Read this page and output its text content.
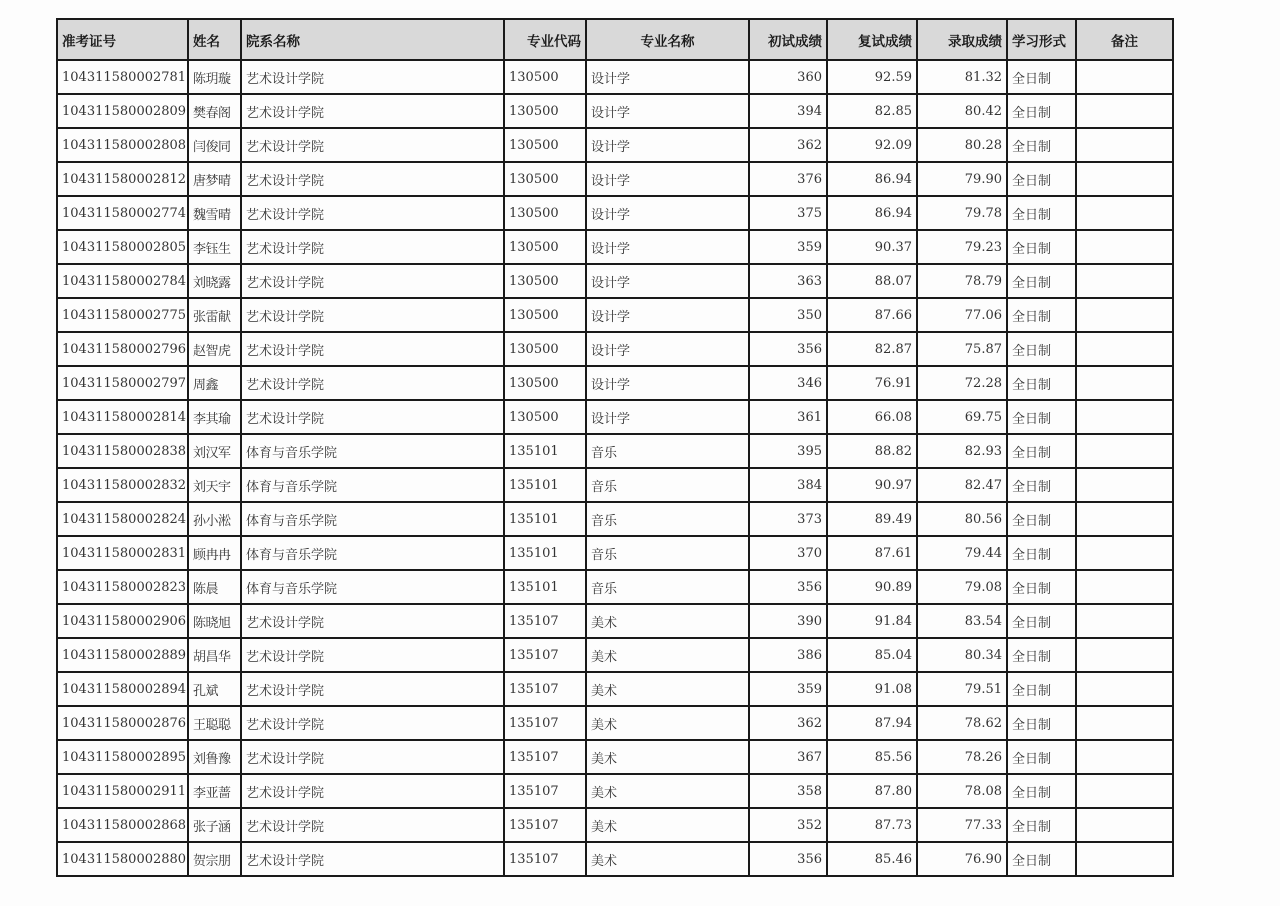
准考证号	姓名	院系名称	专业代码	专业名称	初试成绩	复试成绩	录取成绩	学习形式	备注
104311580002781	陈玥璇	艺术设计学院	130500	设计学	360	92.59	81.32	全日制	
104311580002809	樊春阁	艺术设计学院	130500	设计学	394	82.85	80.42	全日制	
104311580002808	闫俊同	艺术设计学院	130500	设计学	362	92.09	80.28	全日制	
104311580002812	唐梦晴	艺术设计学院	130500	设计学	376	86.94	79.90	全日制	
104311580002774	魏雪晴	艺术设计学院	130500	设计学	375	86.94	79.78	全日制	
104311580002805	李钰生	艺术设计学院	130500	设计学	359	90.37	79.23	全日制	
104311580002784	刘晓露	艺术设计学院	130500	设计学	363	88.07	78.79	全日制	
104311580002775	张雷献	艺术设计学院	130500	设计学	350	87.66	77.06	全日制	
104311580002796	赵智虎	艺术设计学院	130500	设计学	356	82.87	75.87	全日制	
104311580002797	周鑫	艺术设计学院	130500	设计学	346	76.91	72.28	全日制	
104311580002814	李其瑜	艺术设计学院	130500	设计学	361	66.08	69.75	全日制	
104311580002838	刘汉军	体育与音乐学院	135101	音乐	395	88.82	82.93	全日制	
104311580002832	刘天宇	体育与音乐学院	135101	音乐	384	90.97	82.47	全日制	
104311580002824	孙小淞	体育与音乐学院	135101	音乐	373	89.49	80.56	全日制	
104311580002831	顾冉冉	体育与音乐学院	135101	音乐	370	87.61	79.44	全日制	
104311580002823	陈晨	体育与音乐学院	135101	音乐	356	90.89	79.08	全日制	
104311580002906	陈晓旭	艺术设计学院	135107	美术	390	91.84	83.54	全日制	
104311580002889	胡昌华	艺术设计学院	135107	美术	386	85.04	80.34	全日制	
104311580002894	孔斌	艺术设计学院	135107	美术	359	91.08	79.51	全日制	
104311580002876	王聪聪	艺术设计学院	135107	美术	362	87.94	78.62	全日制	
104311580002895	刘鲁豫	艺术设计学院	135107	美术	367	85.56	78.26	全日制	
104311580002911	李亚蔷	艺术设计学院	135107	美术	358	87.80	78.08	全日制	
104311580002868	张子涵	艺术设计学院	135107	美术	352	87.73	77.33	全日制	
104311580002880	贺宗朋	艺术设计学院	135107	美术	356	85.46	76.90	全日制	
